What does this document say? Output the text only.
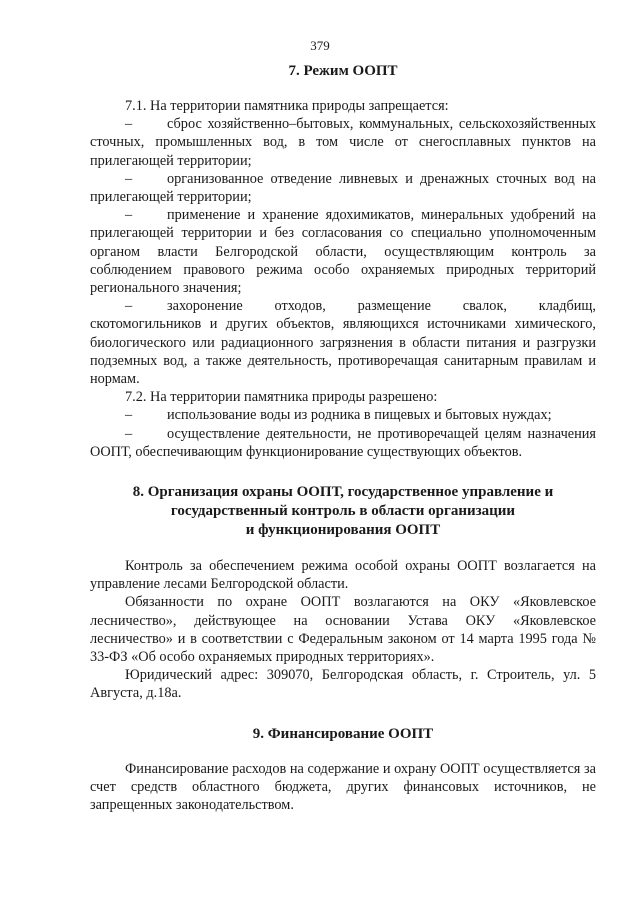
379
7. Режим ООПТ

7.1. На территории памятника природы запрещается:

– сброс хозяйственно–бытовых, коммунальных, сельскохозяйственных сточных, промышленных вод, в том числе от снегосплавных пунктов на прилегающей территории;

– организованное отведение ливневых и дренажных сточных вод на прилегающей территории;

– применение и хранение ядохимикатов, минеральных удобрений на прилегающей территории и без согласования со специально уполномоченным органом власти Белгородской области, осуществляющим контроль за соблюдением правового режима особо охраняемых природных территорий регионального значения;

– захоронение отходов, размещение свалок, кладбищ, скотомогильников и других объектов, являющихся источниками химического, биологического или радиационного загрязнения в области питания и разгрузки подземных вод, а также деятельность, противоречащая санитарным правилам и нормам.

7.2. На территории памятника природы разрешено:

– использование воды из родника в пищевых и бытовых нуждах;

– осуществление деятельности, не противоречащей целям назначения ООПТ, обеспечивающим функционирование существующих объектов.

8. Организация охраны ООПТ, государственное управление и
государственный контроль в области организации
и функционирования ООПТ

Контроль за обеспечением режима особой охраны ООПТ возлагается на управление лесами Белгородской области.

Обязанности по охране ООПТ возлагаются на ОКУ «Яковлевское лесничество», действующее на основании Устава ОКУ «Яковлевское лесничество» и в соответствии с Федеральным законом от 14 марта 1995 года № 33-ФЗ «Об особо охраняемых природных территориях».

Юридический адрес: 309070, Белгородская область, г. Строитель, ул. 5 Августа, д.18а.

9. Финансирование ООПТ

Финансирование расходов на содержание и охрану ООПТ осуществляется за счет средств областного бюджета, других финансовых источников, не запрещенных законодательством.
